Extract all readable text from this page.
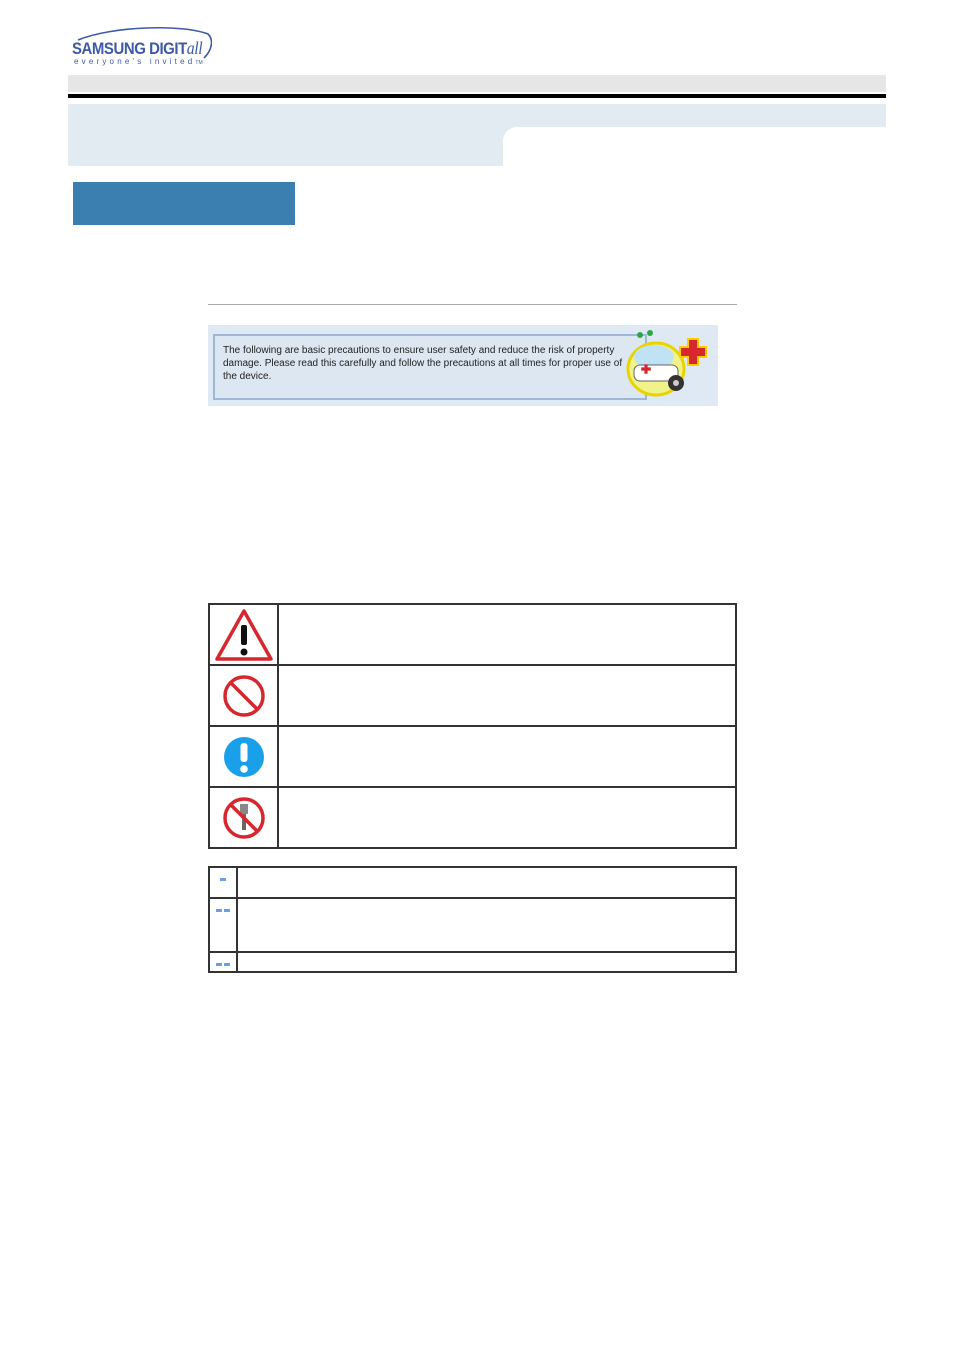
SAMSUNG DIGITall
everyone's invitedTM
The following are basic precautions to ensure user safety and reduce the risk of property damage. Please read this carefully and follow the precautions at all times for proper use of the device.
